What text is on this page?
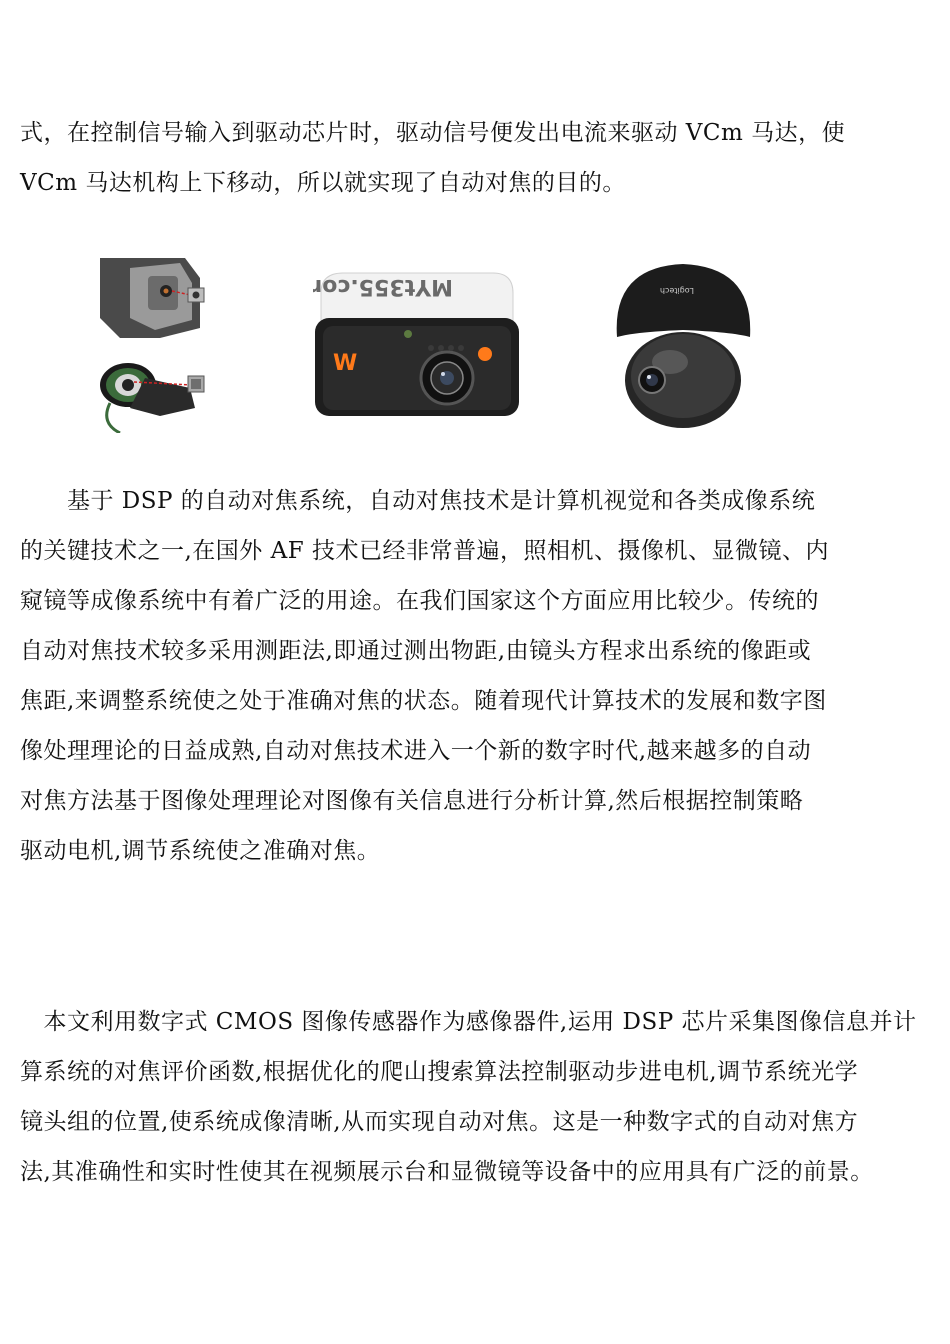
式，在控制信号输入到驱动芯片时，驱动信号便发出电流来驱动 VCm 马达，使
VCm 马达机构上下移动，所以就实现了自动对焦的目的。

MYt355.com
W
Logitech

　　基于 DSP 的自动对焦系统，自动对焦技术是计算机视觉和各类成像系统
的关键技术之一,在国外 AF 技术已经非常普遍，照相机、摄像机、显微镜、内
窥镜等成像系统中有着广泛的用途。在我们国家这个方面应用比较少。传统的
自动对焦技术较多采用测距法,即通过测出物距,由镜头方程求出系统的像距或
焦距,来调整系统使之处于准确对焦的状态。随着现代计算技术的发展和数字图
像处理理论的日益成熟,自动对焦技术进入一个新的数字时代,越来越多的自动
对焦方法基于图像处理理论对图像有关信息进行分析计算,然后根据控制策略
驱动电机,调节系统使之准确对焦。

　本文利用数字式 CMOS 图像传感器作为感像器件,运用 DSP 芯片采集图像信息并计
算系统的对焦评价函数,根据优化的爬山搜索算法控制驱动步进电机,调节系统光学
镜头组的位置,使系统成像清晰,从而实现自动对焦。这是一种数字式的自动对焦方
法,其准确性和实时性使其在视频展示台和显微镜等设备中的应用具有广泛的前景。
